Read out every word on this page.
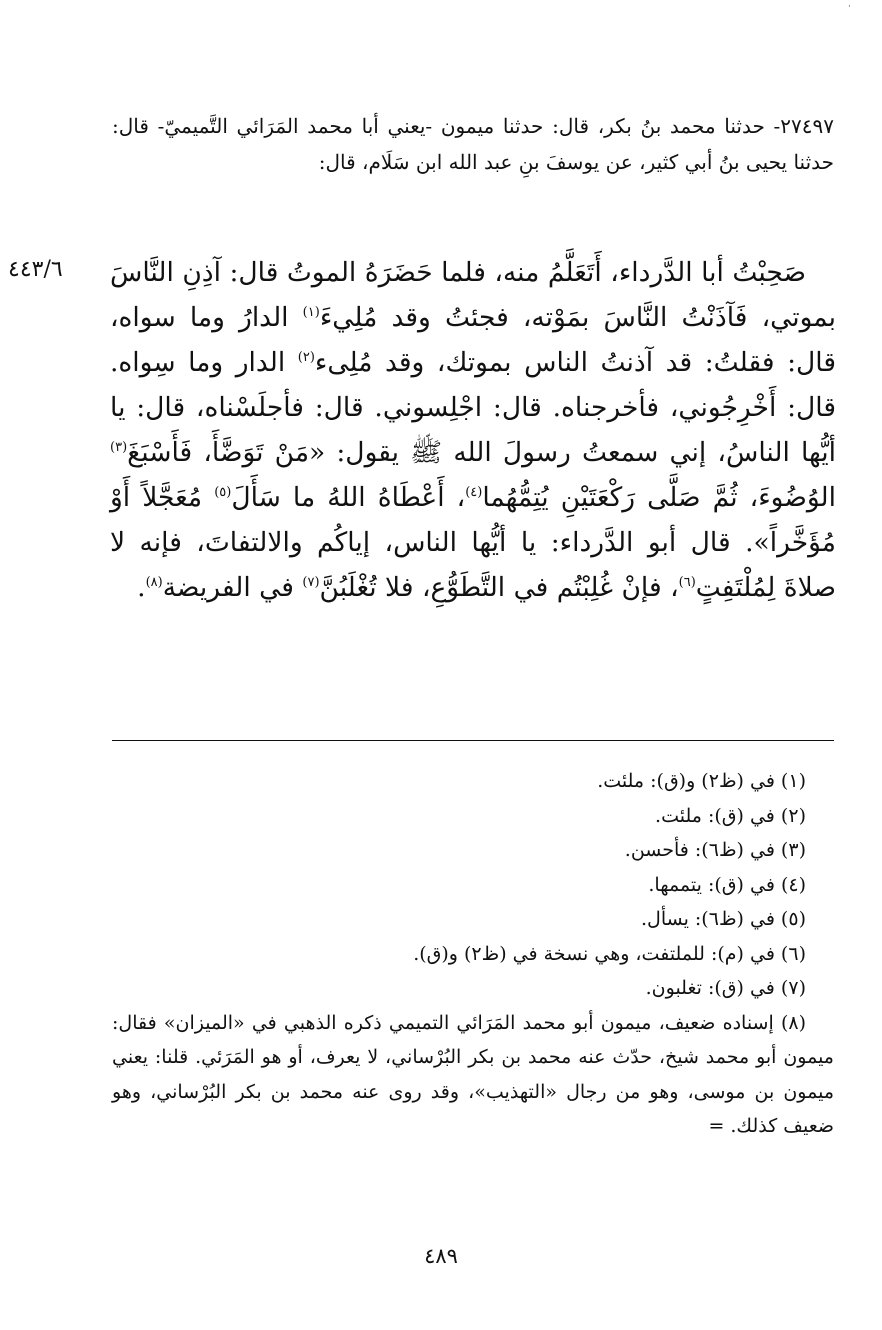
·

٢٧٤٩٧- حدثنا محمد بنُ بكر، قال: حدثنا ميمون -يعني أبا محمد المَرَائي التَّميميّ- قال: حدثنا يحيى بنُ أبي كثير، عن يوسفَ بنِ عبد الله ابن سَلَام، قال:

٤٤٣/٦	صَحِبْتُ أبا الدَّرداء، أَتَعَلَّمُ منه، فلما حَضَرَهُ الموتُ قال: آذِنِ النَّاسَ بموتي، فَآذَنْتُ النَّاسَ بمَوْته، فجئتُ وقد مُلِيءَ$^{(١)}$ الدارُ وما سواه، قال: فقلتُ: قد آذنتُ الناس بموتك، وقد مُلِىء$^{(٢)}$ الدار وما سِواه. قال: أَخْرِجُوني، فأخرجناه. قال: اجْلِسوني. قال: فأجلَسْناه، قال: يا أيُّها الناسُ، إني سمعتُ رسولَ الله ﷺ يقول: «مَنْ تَوَضَّأَ، فَأَسْبَغَ$^{(٣)}$ الوُضُوءَ، ثُمَّ صَلَّى رَكْعَتَيْنِ يُتِمُّهُما$^{(٤)}$، أَعْطَاهُ اللهُ ما سَأَلَ$^{(٥)}$ مُعَجَّلاً أَوْ مُؤَخَّراً». قال أبو الدَّرداء: يا أيُّها الناس، إياكُم والالتفاتَ، فإنه لا صلاةَ لِمُلْتَفِتٍ$^{(٦)}$، فإنْ غُلِبْتُم في التَّطَوُّعِ، فلا تُغْلَبُنَّ$^{(٧)}$ في الفريضة$^{(٨)}$.

(١) في (ظ٢) و(ق): ملئت.

(٢) في (ق): ملئت.

(٣) في (ظ٦): فأحسن.

(٤) في (ق): يتممها.

(٥) في (ظ٦): يسأل.

(٦) في (م): للملتفت، وهي نسخة في (ظ٢) و(ق).

(٧) في (ق): تغلبون.

(٨) إسناده ضعيف، ميمون أبو محمد المَرَائي التميمي ذكره الذهبي في «الميزان» فقال: ميمون أبو محمد شيخ، حدّث عنه محمد بن بكر البُرْساني، لا يعرف، أو هو المَرَئي. قلنا: يعني ميمون بن موسى، وهو من رجال «التهذيب»، وقد روى عنه محمد بن بكر البُرْساني، وهو ضعيف كذلك. =

٤٨٩
